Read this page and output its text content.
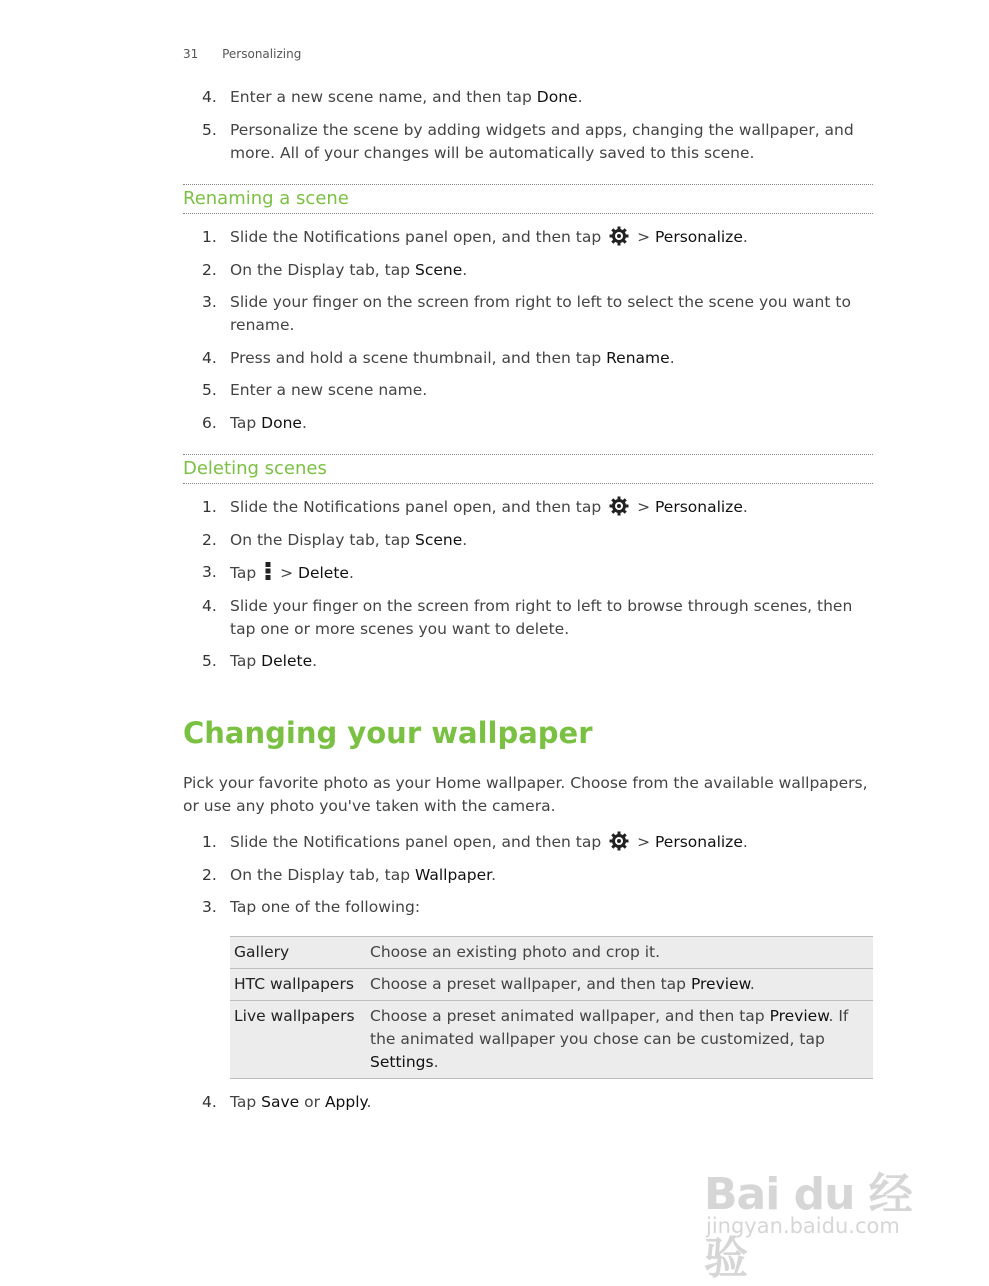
31 Personalizing
4. Enter a new scene name, and then tap Done.
5. Personalize the scene by adding widgets and apps, changing the wallpaper, and more. All of your changes will be automatically saved to this scene.
Renaming a scene
1. Slide the Notifications panel open, and then tap  > Personalize.
2. On the Display tab, tap Scene.
3. Slide your finger on the screen from right to left to select the scene you want to rename.
4. Press and hold a scene thumbnail, and then tap Rename.
5. Enter a new scene name.
6. Tap Done.
Deleting scenes
1. Slide the Notifications panel open, and then tap  > Personalize.
2. On the Display tab, tap Scene.
3. Tap  > Delete.
4. Slide your finger on the screen from right to left to browse through scenes, then tap one or more scenes you want to delete.
5. Tap Delete.
Changing your wallpaper
Pick your favorite photo as your Home wallpaper. Choose from the available wallpapers, or use any photo you've taken with the camera.
1. Slide the Notifications panel open, and then tap  > Personalize.
2. On the Display tab, tap Wallpaper.
3. Tap one of the following:
Gallery	Choose an existing photo and crop it.
HTC wallpapers	Choose a preset wallpaper, and then tap Preview.
Live wallpapers	Choose a preset animated wallpaper, and then tap Preview. If the animated wallpaper you chose can be customized, tap Settings.
4. Tap Save or Apply.
Bai du 经验
jingyan.baidu.com
